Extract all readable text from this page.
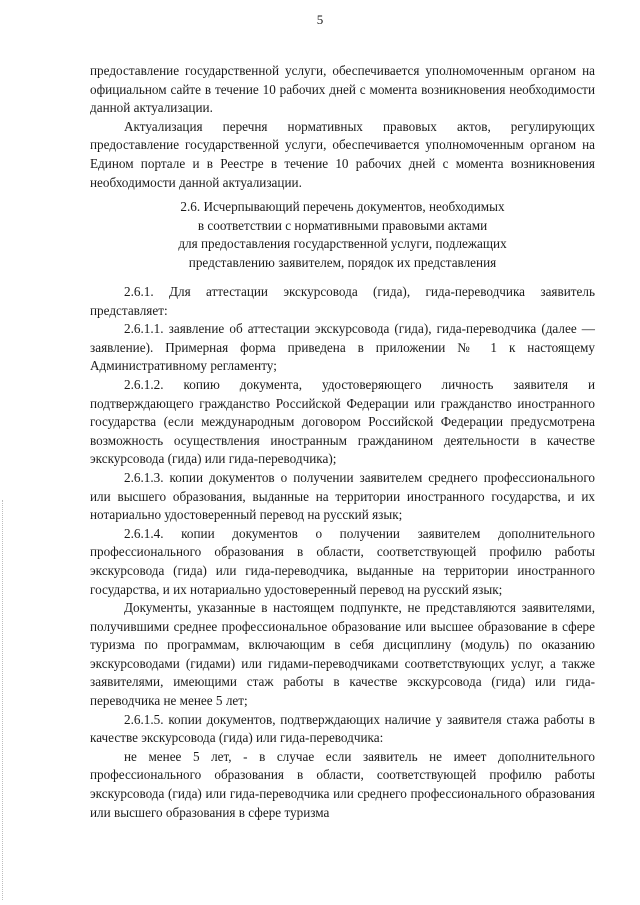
5

предоставление государственной услуги, обеспечивается уполномоченным органом на официальном сайте в течение 10 рабочих дней с момента возникновения необходимости данной актуализации.

Актуализация перечня нормативных правовых актов, регулирующих предоставление государственной услуги, обеспечивается уполномоченным органом на Едином портале и в Реестре в течение 10 рабочих дней с момента возникновения необходимости данной актуализации.

2.6. Исчерпывающий перечень документов, необходимых
в соответствии с нормативными правовыми актами
для предоставления государственной услуги, подлежащих
представлению заявителем, порядок их представления

2.6.1. Для аттестации экскурсовода (гида), гида-переводчика заявитель представляет:

2.6.1.1. заявление об аттестации экскурсовода (гида), гида-переводчика (далее — заявление). Примерная форма приведена в приложении № 1 к настоящему Административному регламенту;

2.6.1.2. копию документа, удостоверяющего личность заявителя и подтверждающего гражданство Российской Федерации или гражданство иностранного государства (если международным договором Российской Федерации предусмотрена возможность осуществления иностранным гражданином деятельности в качестве экскурсовода (гида) или гида-переводчика);

2.6.1.3. копии документов о получении заявителем среднего профессионального или высшего образования, выданные на территории иностранного государства, и их нотариально удостоверенный перевод на русский язык;

2.6.1.4. копии документов о получении заявителем дополнительного профессионального образования в области, соответствующей профилю работы экскурсовода (гида) или гида-переводчика, выданные на территории иностранного государства, и их нотариально удостоверенный перевод на русский язык;

Документы, указанные в настоящем подпункте, не представляются заявителями, получившими среднее профессиональное образование или высшее образование в сфере туризма по программам, включающим в себя дисциплину (модуль) по оказанию экскурсоводами (гидами) или гидами-переводчиками соответствующих услуг, а также заявителями, имеющими стаж работы в качестве экскурсовода (гида) или гида-переводчика не менее 5 лет;

2.6.1.5. копии документов, подтверждающих наличие у заявителя стажа работы в качестве экскурсовода (гида) или гида-переводчика:

не менее 5 лет, - в случае если заявитель не имеет дополнительного профессионального образования в области, соответствующей профилю работы экскурсовода (гида) или гида-переводчика или среднего профессионального образования или высшего образования в сфере туризма
